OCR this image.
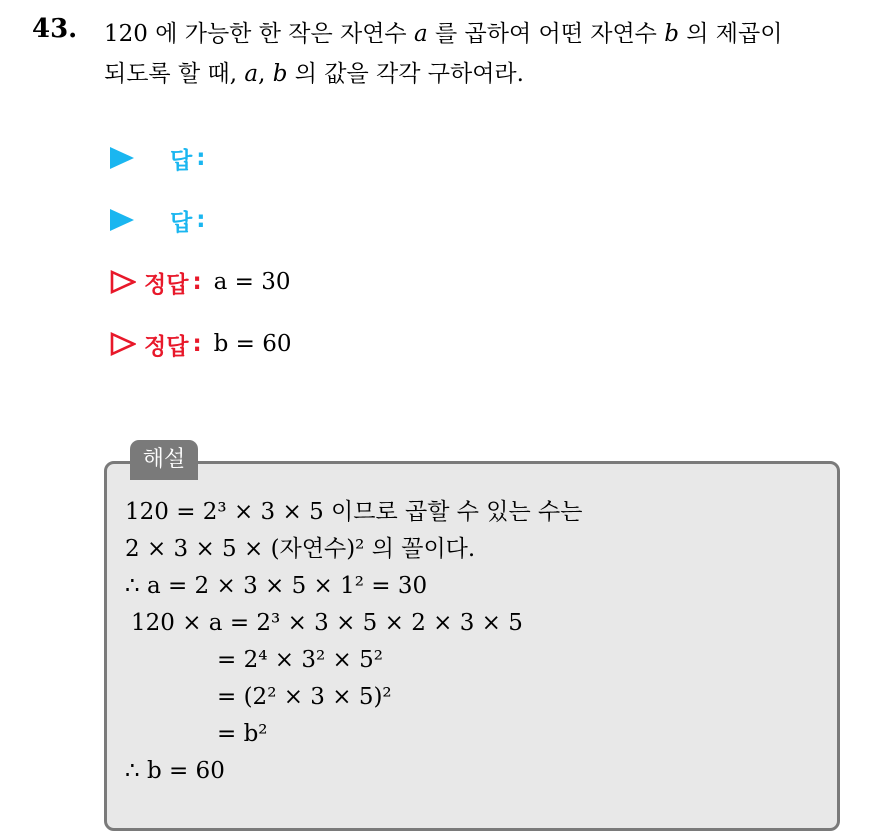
43. 120 에 가능한 한 작은 자연수 a 를 곱하여 어떤 자연수 b 의 제곱이
되도록 할 때, a, b 의 값을 각각 구하여라.
답 :
답 :
정답 : a = 30
정답 : b = 60
120 = 2³ × 3 × 5 이므로 곱할 수 있는 수는
2 × 3 × 5 × (자연수)² 의 꼴이다.
∴ a = 2 × 3 × 5 × 1² = 30
120 × a = 2³ × 3 × 5 × 2 × 3 × 5
= 2⁴ × 3² × 5²
= (2² × 3 × 5)²
= b²
∴ b = 60
해설
